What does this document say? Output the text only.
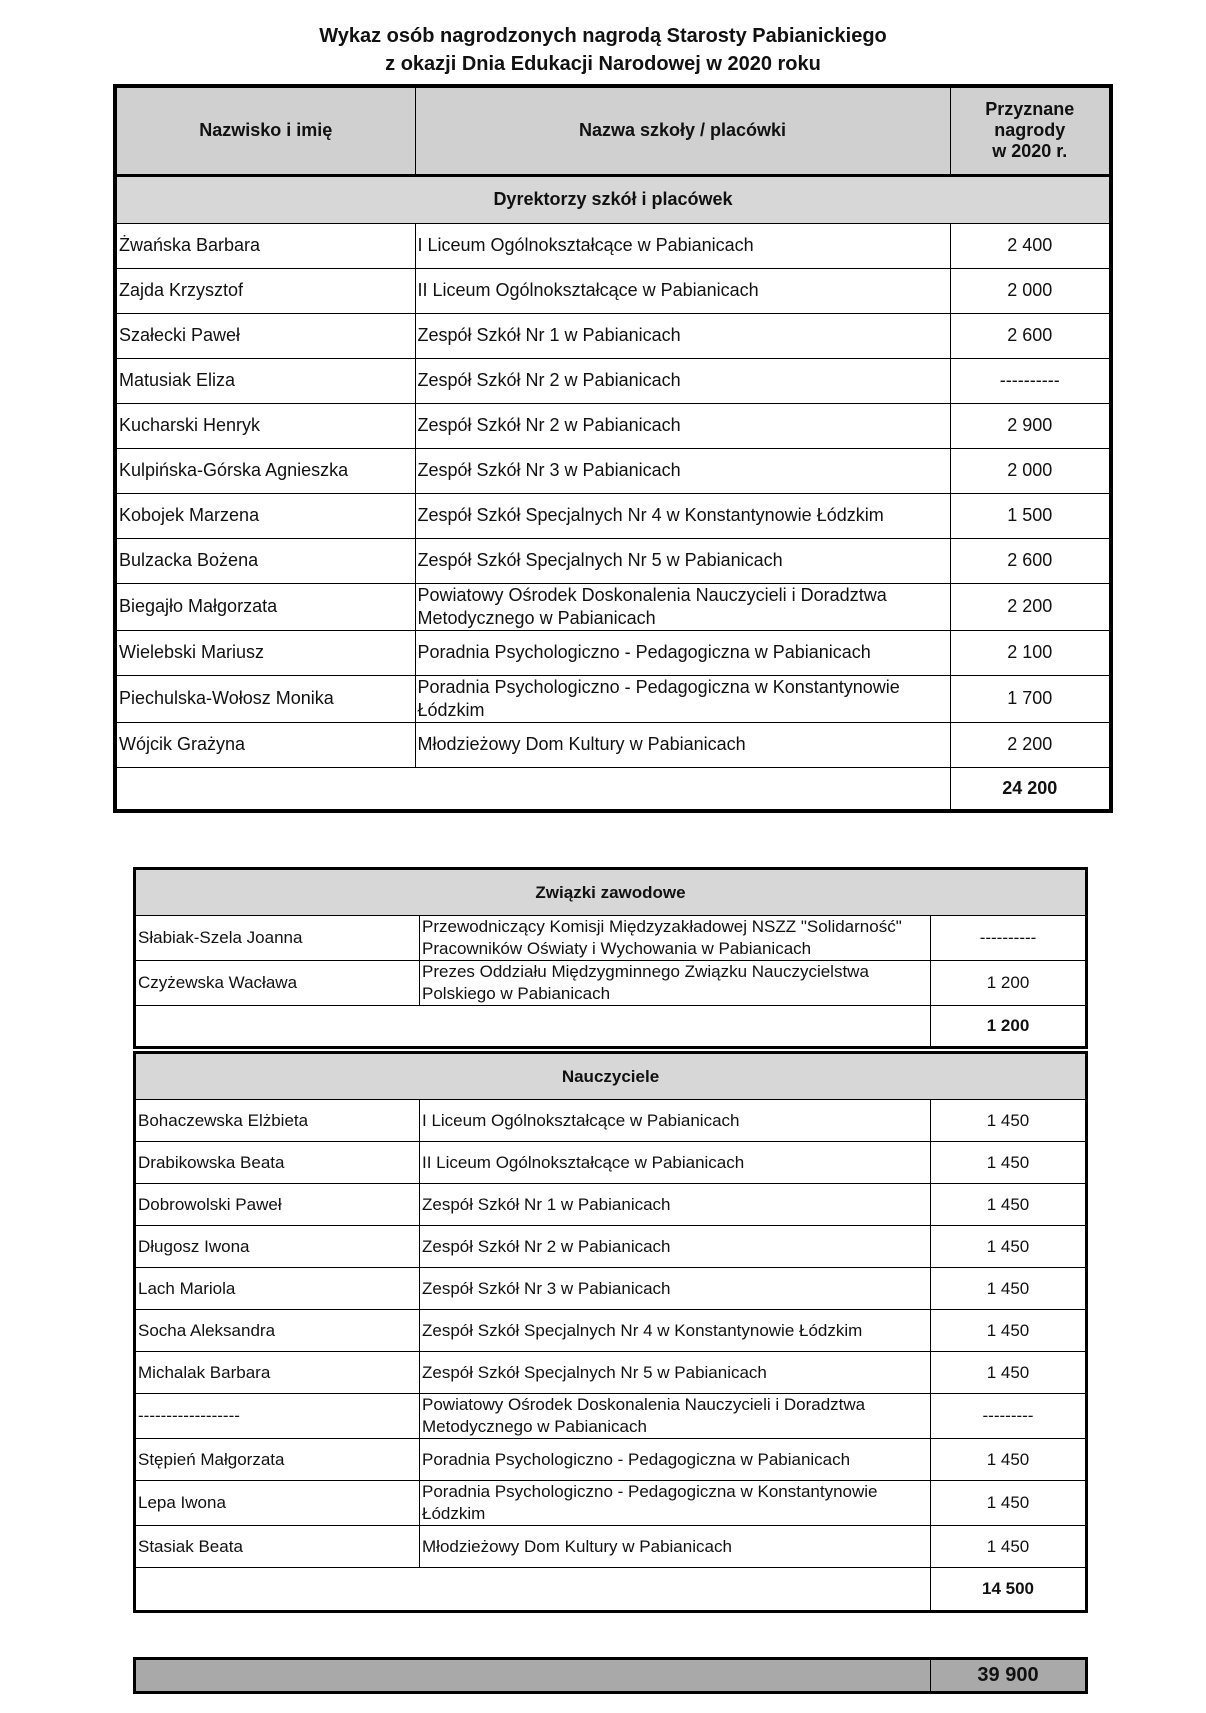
Wykaz osób nagrodzonych nagrodą Starosty Pabianickiego
z okazji Dnia Edukacji Narodowej w 2020 roku
Nazwisko i imię	Nazwa szkoły / placówki	Przyznane
nagrody
w 2020 r.

Dyrektorzy szkół i placówek		
Żwańska Barbara	I Liceum Ogólnokształcące w Pabianicach	2 400
Zajda Krzysztof	II Liceum Ogólnokształcące w Pabianicach	2 000
Szałecki Paweł	Zespół Szkół Nr 1 w Pabianicach	2 600
Matusiak Eliza	Zespół Szkół Nr 2 w Pabianicach	----------
Kucharski Henryk	Zespół Szkół Nr 2 w Pabianicach	2 900
Kulpińska-Górska Agnieszka	Zespół Szkół Nr 3 w Pabianicach	2 000
Kobojek Marzena	Zespół Szkół Specjalnych Nr 4 w Konstantynowie Łódzkim	1 500
Bulzacka Bożena	Zespół Szkół Specjalnych Nr 5 w Pabianicach	2 600
Biegajło Małgorzata	Powiatowy Ośrodek Doskonalenia Nauczycieli i Doradztwa Metodycznego w Pabianicach	2 200
Wielebski Mariusz	Poradnia Psychologiczno - Pedagogiczna w Pabianicach	2 100
Piechulska-Wołosz Monika	Poradnia Psychologiczno - Pedagogiczna w Konstantynowie Łódzkim	1 700
Wójcik Grażyna	Młodzieżowy Dom Kultury w Pabianicach	2 200
		24 200
Związki zawodowe		
Słabiak-Szela Joanna	Przewodniczący Komisji Międzyzakładowej NSZZ "Solidarność" Pracowników Oświaty i Wychowania w Pabianicach	----------
Czyżewska Wacława	Prezes Oddziału Międzygminnego Związku Nauczycielstwa Polskiego w Pabianicach	1 200
		1 200
Nauczyciele		
Bohaczewska Elżbieta	I Liceum Ogólnokształcące w Pabianicach	1 450
Drabikowska Beata	II Liceum Ogólnokształcące w Pabianicach	1 450
Dobrowolski Paweł	Zespół Szkół Nr 1 w Pabianicach	1 450
Długosz Iwona	Zespół Szkół Nr 2 w Pabianicach	1 450
Lach Mariola	Zespół Szkół Nr 3 w Pabianicach	1 450
Socha Aleksandra	Zespół Szkół Specjalnych Nr 4 w Konstantynowie Łódzkim	1 450
Michalak Barbara	Zespół Szkół Specjalnych Nr 5 w Pabianicach	1 450
------------------	Powiatowy Ośrodek Doskonalenia Nauczycieli i Doradztwa Metodycznego w Pabianicach	---------
Stępień Małgorzata	Poradnia Psychologiczno - Pedagogiczna w Pabianicach	1 450
Lepa Iwona	Poradnia Psychologiczno - Pedagogiczna w Konstantynowie Łódzkim	1 450
Stasiak Beata	Młodzieżowy Dom Kultury w Pabianicach	1 450
		14 500
	39 900
